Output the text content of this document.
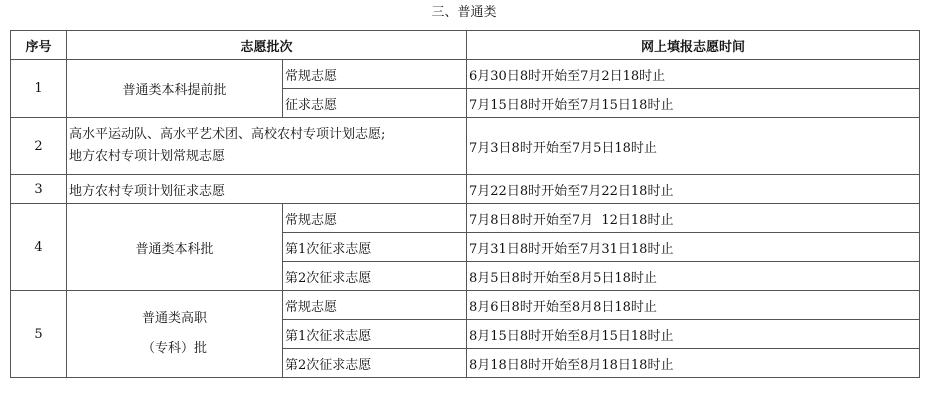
三、普通类
序号	志愿批次		网上填报志愿时间
1	普通类本科提前批	常规志愿	6月30日8时开始至7月2日18时止
		征求志愿	7月15日8时开始至7月15日18时止
2	高水平运动队、高水平艺术团、高校农村专项计划志愿;
地方农村专项计划常规志愿		7月3日8时开始至7月5日18时止
3	地方农村专项计划征求志愿		7月22日8时开始至7月22日18时止
4	普通类本科批	常规志愿	7月8日8时开始至7月  12日18时止
		第1次征求志愿	7月31日8时开始至7月31日18时止
		第2次征求志愿	8月5日8时开始至8月5日18时止
5	普通类高职
（专科）批	常规志愿	8月6日8时开始至8月8日18时止
		第1次征求志愿	8月15日8时开始至8月15日18时止
		第2次征求志愿	8月18日8时开始至8月18日18时止
